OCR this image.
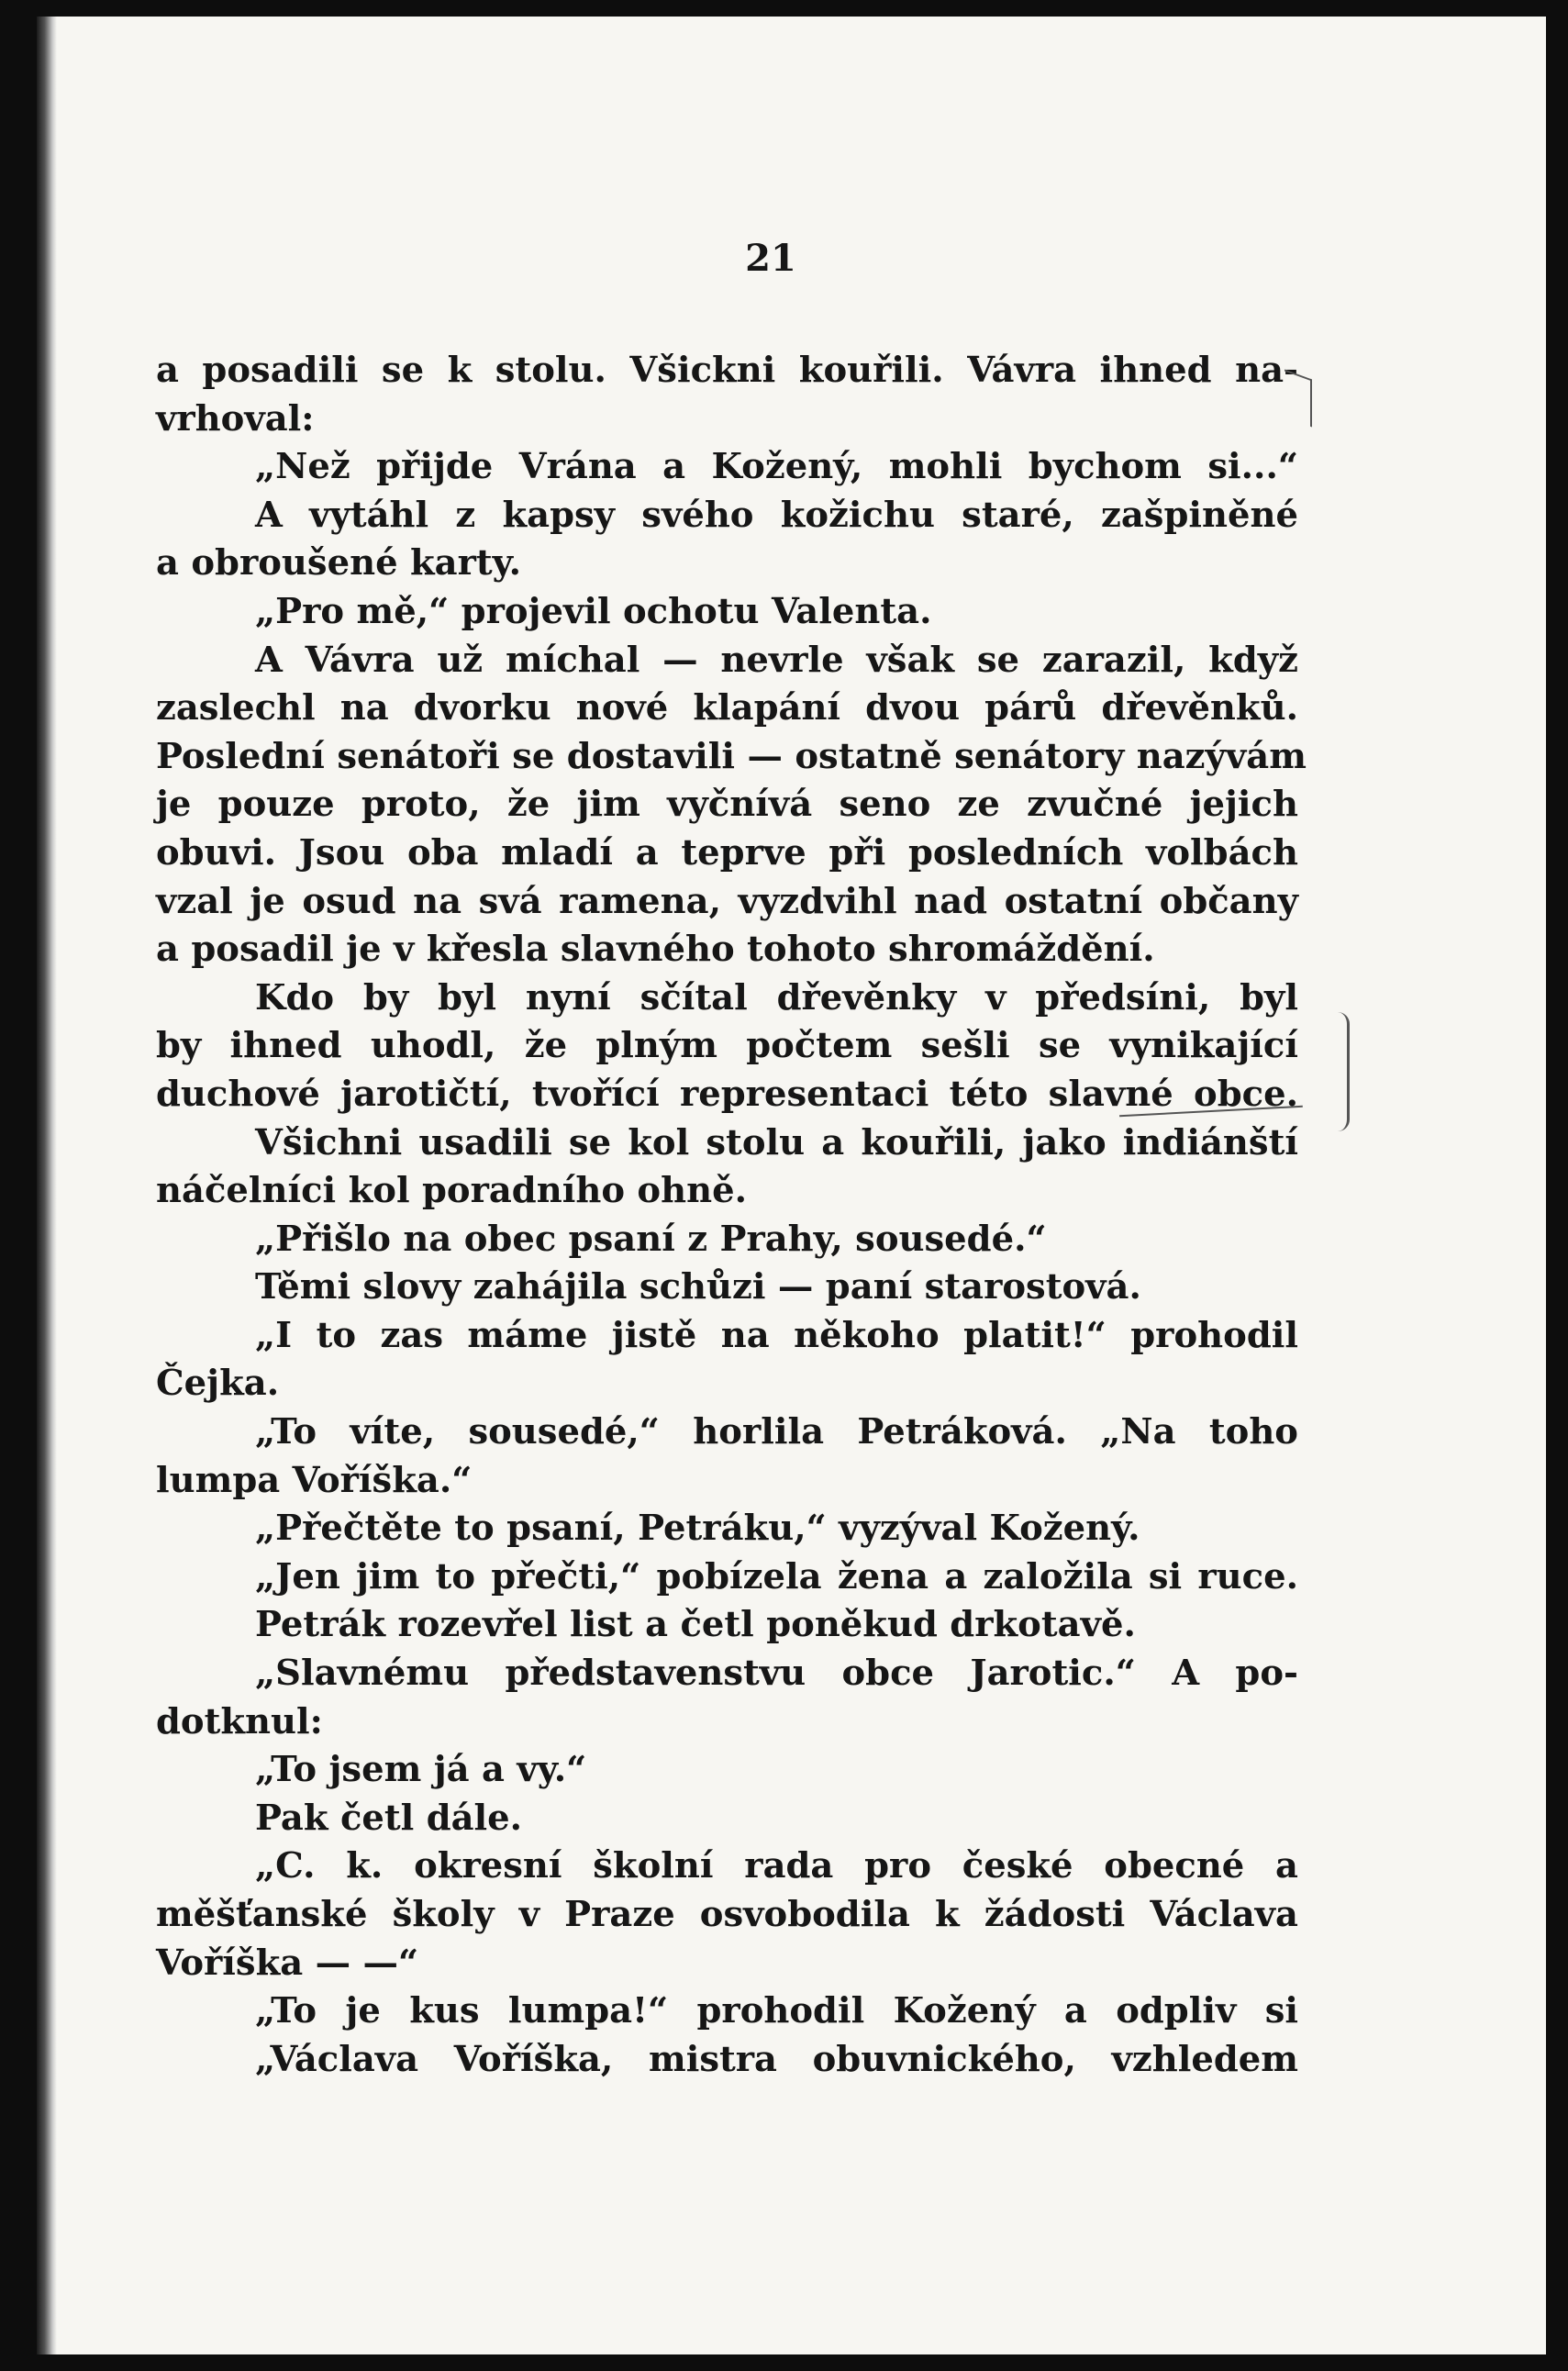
21
a posadili se k stolu. Všickni kouřili. Vávra ihned na-
vrhoval:
„Než přijde Vrána a Kožený, mohli bychom si...“
A vytáhl z kapsy svého kožichu staré, zašpiněné
a obroušené karty.
„Pro mě,“ projevil ochotu Valenta.
A Vávra už míchal — nevrle však se zarazil, když
zaslechl na dvorku nové klapání dvou párů dřevěnků.
Poslední senátoři se dostavili — ostatně senátory nazývám
je pouze proto, že jim vyčnívá seno ze zvučné jejich
obuvi. Jsou oba mladí a teprve při posledních volbách
vzal je osud na svá ramena, vyzdvihl nad ostatní občany
a posadil je v křesla slavného tohoto shromáždění.
Kdo by byl nyní sčítal dřevěnky v předsíni, byl
by ihned uhodl, že plným počtem sešli se vynikající
duchové jarotičtí, tvořící representaci této slavné obce.
Všichni usadili se kol stolu a kouřili, jako indiánští
náčelníci kol poradního ohně.
„Přišlo na obec psaní z Prahy, sousedé.“
Těmi slovy zahájila schůzi — paní starostová.
„I to zas máme jistě na někoho platit!“ prohodil
Čejka.
„To víte, sousedé,“ horlila Petráková. „Na toho
lumpa Voříška.“
„Přečtěte to psaní, Petráku,“ vyzýval Kožený.
„Jen jim to přečti,“ pobízela žena a založila si ruce.
Petrák rozevřel list a četl poněkud drkotavě.
„Slavnému představenstvu obce Jarotic.“ A po-
dotknul:
„To jsem já a vy.“
Pak četl dále.
„C. k. okresní školní rada pro české obecné a
měšťanské školy v Praze osvobodila k žádosti Václava
Voříška — —“
„To je kus lumpa!“ prohodil Kožený a odpliv si
„Václava Voříška, mistra obuvnického, vzhledem
